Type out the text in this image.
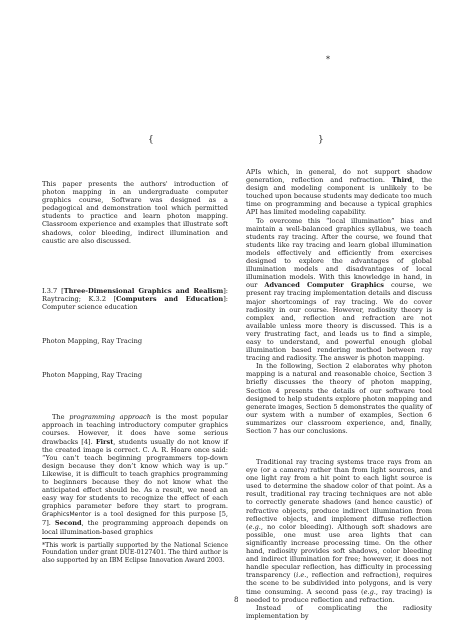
*
{	}

This paper presents the authors' introduction of photon mapping in an undergraduate computer graphics course, Software was designed as a pedagogical and demonstration tool which permitted students to practice and learn photon mapping. Classroom experience and examples that illustrate soft shadows, color bleeding, indirect illumination and caustic are also discussed.

I.3.7 [Three-Dimensional Graphics and Realism]: Raytracing; K.3.2 [Computers and Education]: Computer science education

Photon Mapping, Ray Tracing

Photon Mapping, Ray Tracing

The programming approach is the most popular approach in teaching introductory computer graphics courses. However, it does have some serious drawbacks [4]. First, students usually do not know if the created image is correct. C. A. R. Hoare once said: “You can’t teach beginning programmers top-down design because they don’t know which way is up.” Likewise, it is difficult to teach graphics programming to beginners because they do not know what the anticipated effect should be. As a result, we need an easy way for students to recognize the effect of each graphics parameter before they start to program. GraphicsMentor is a tool designed for this purpose [5, 7]. Second, the programming approach depends on local illumination-based graphics

*This work is partially supported by the National Science Foundation under grant DUE-0127401. The third author is also supported by an IBM Eclipse Innovation Award 2003.
8

APIs which, in general, do not support shadow generation, reflection and refraction. Third, the design and modeling component is unlikely to be touched upon because students may dedicate too much time on programming and because a typical graphics API has limited modeling capability.

To overcome this “local illumination” bias and maintain a well-balanced graphics syllabus, we teach students ray tracing. After the course, we found that students like ray tracing and learn global illumination models effectively and efficiently from exercises designed to explore the advantages of global illumination models and disadvantages of local illumination models. With this knowledge in hand, in our Advanced Computer Graphics course, we present ray tracing implementation details and discuss major shortcomings of ray tracing. We do cover radiosity in our course. However, radiosity theory is complex and, reflection and refraction are not available unless more theory is discussed. This is a very frustrating fact, and leads us to find a simple, easy to understand, and powerful enough global illumination based rendering method between ray tracing and radiosity. The answer is photon mapping.

In the following, Section 2 elaborates why photon mapping is a natural and reasonable choice, Section 3 briefly discusses the theory of photon mapping, Section 4 presents the details of our software tool designed to help students explore photon mapping and generate images, Section 5 demonstrates the quality of our system with a number of examples, Section 6 summarizes our classroom experience, and, finally, Section 7 has our conclusions.

Traditional ray tracing systems trace rays from an eye (or a camera) rather than from light sources, and one light ray from a hit point to each light source is used to determine the shadow color of that point. As a result, traditional ray tracing techniques are not able to correctly generate shadows (and hence caustic) of refractive objects, produce indirect illumination from reflective objects, and implement diffuse reflection (e.g., no color bleeding). Although soft shadows are possible, one must use area lights that can significantly increase processing time. On the other hand, radiosity provides soft shadows, color bleeding and indirect illumination for free; however, it does not handle specular reflection, has difficulty in processing transparency (i.e., reflection and refraction), requires the scene to be subdivided into polygons, and is very time consuming. A second pass (e.g., ray tracing) is needed to produce reflection and refraction.

Instead of complicating the radiosity implementation by
